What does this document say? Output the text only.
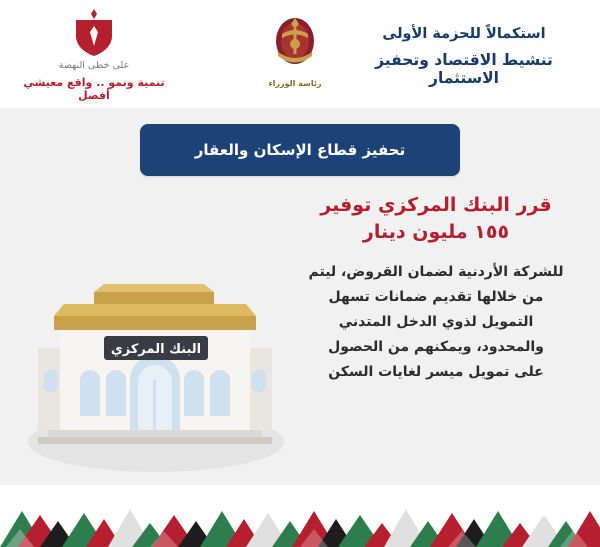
على خطى النهضة
تنمية ونمو .. واقع معيشي أفضل
رئاسة الوزراء
استكمالاً للحزمة الأولى
تنشيط الاقتصاد وتحفيز الاستثمار
تحفيز قطاع الإسكان والعقار
قرر البنك المركزي توفير
١٥٥ مليون دينار
للشركة الأردنية لضمان القروض، ليتم
من خلالها تقديم ضمانات تسهل
التمويل لذوي الدخل المتدني
والمحدود، ويمكنهم من الحصول
على تمويل ميسر لغايات السكن
البنك المركزي
